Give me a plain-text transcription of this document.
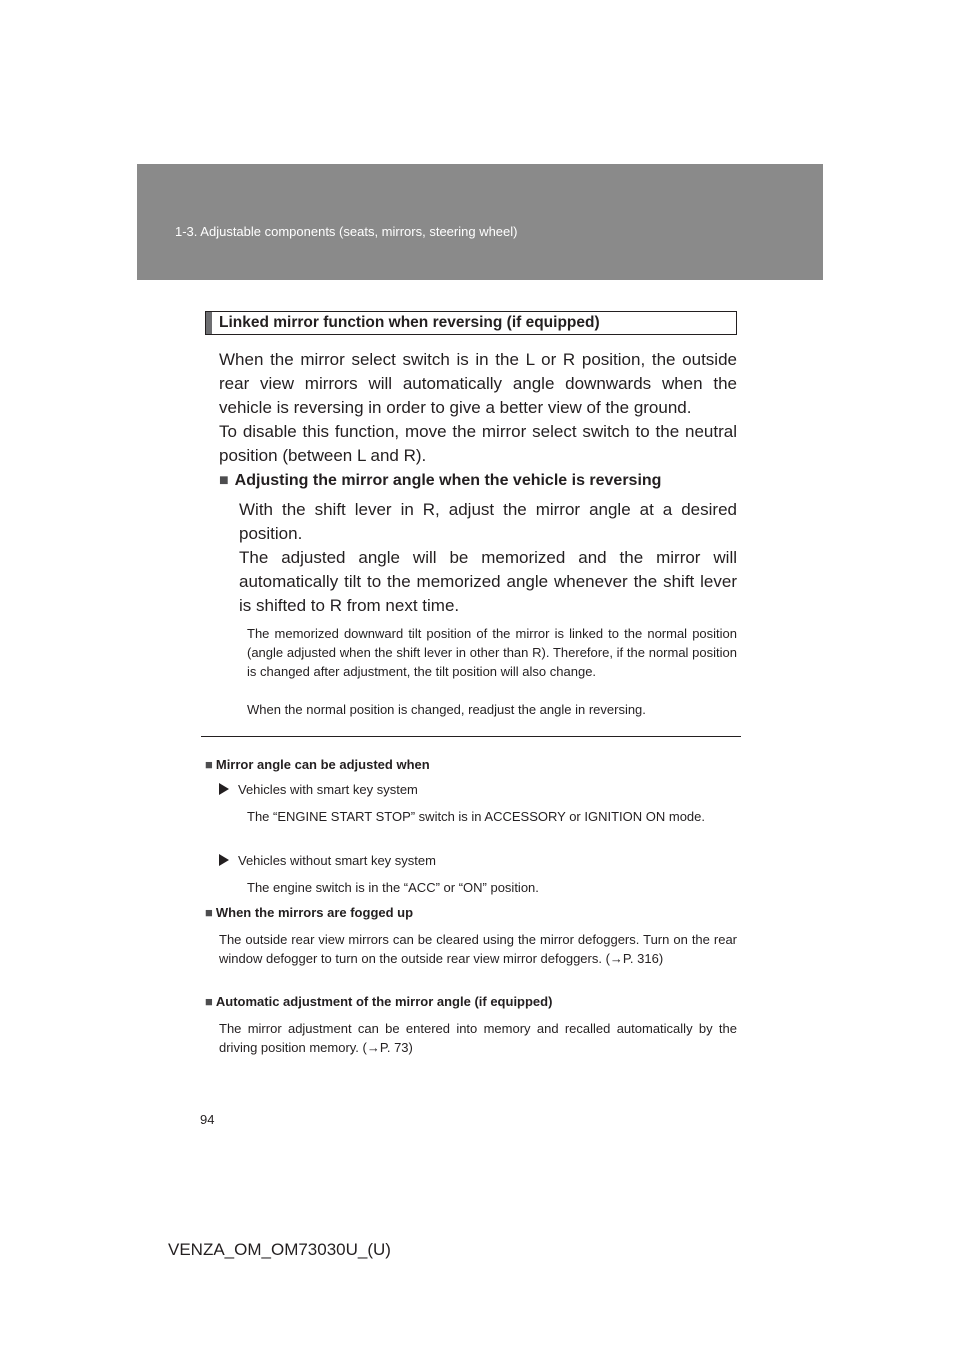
1-3. Adjustable components (seats, mirrors, steering wheel)
Linked mirror function when reversing (if equipped)
When the mirror select switch is in the L or R position, the outside rear view mirrors will automatically angle downwards when the vehicle is reversing in order to give a better view of the ground.
To disable this function, move the mirror select switch to the neutral position (between L and R).
■ Adjusting the mirror angle when the vehicle is reversing
With the shift lever in R, adjust the mirror angle at a desired position.
The adjusted angle will be memorized and the mirror will automatically tilt to the memorized angle whenever the shift lever is shifted to R from next time.
The memorized downward tilt position of the mirror is linked to the normal position (angle adjusted when the shift lever in other than R). Therefore, if the normal position is changed after adjustment, the tilt position will also change.
When the normal position is changed, readjust the angle in reversing.
■ Mirror angle can be adjusted when
Vehicles with smart key system
The “ENGINE START STOP” switch is in ACCESSORY or IGNITION ON mode.
Vehicles without smart key system
The engine switch is in the “ACC” or “ON” position.
■ When the mirrors are fogged up
The outside rear view mirrors can be cleared using the mirror defoggers. Turn on the rear window defogger to turn on the outside rear view mirror defoggers. (→P. 316)
■ Automatic adjustment of the mirror angle (if equipped)
The mirror adjustment can be entered into memory and recalled automatically by the driving position memory. (→P. 73)
94
VENZA_OM_OM73030U_(U)
